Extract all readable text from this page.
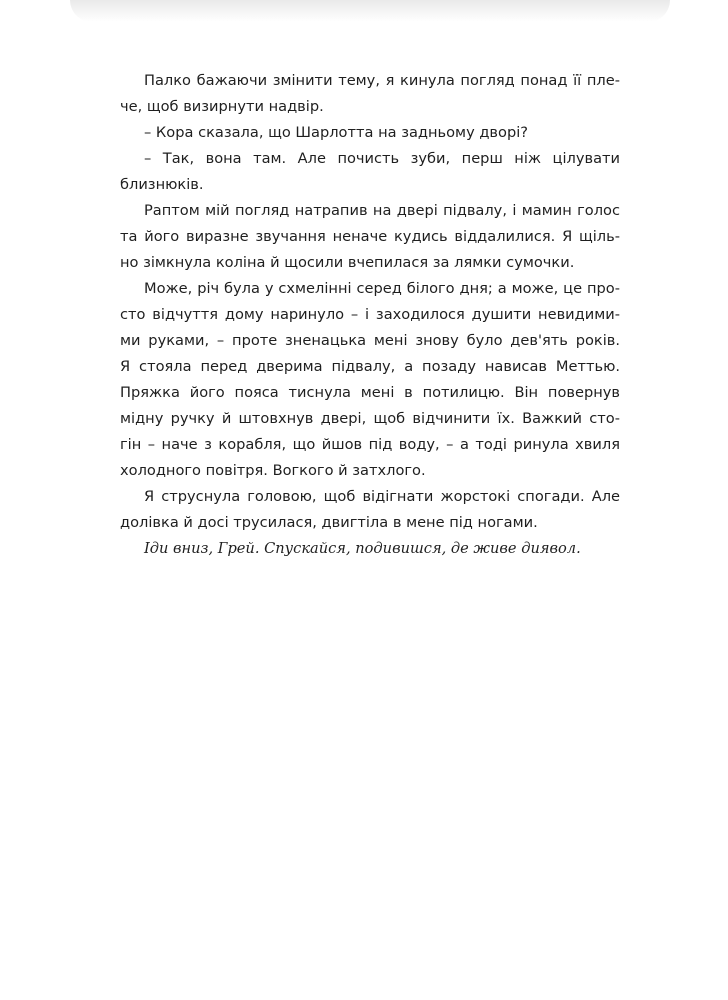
Палко бажаючи змінити тему, я кинула погляд понад її пле-
че, щоб визирнути надвір.
– Кора сказала, що Шарлотта на задньому дворі?
– Так, вона там. Але почисть зуби, перш ніж цілувати
близнюків.
Раптом мій погляд натрапив на двері підвалу, і мамин голос
та його виразне звучання неначе кудись віддалилися. Я щіль-
но зімкнула коліна й щосили вчепилася за лямки сумочки.
Може, річ була у схмелінні серед білого дня; а може, це про-
сто відчуття дому наринуло – і заходилося душити невидими-
ми руками, – проте зненацька мені знову було дев'ять років.
Я стояла перед дверима підвалу, а позаду нависав Меттью.
Пряжка його пояса тиснула мені в потилицю. Він повернув
мідну ручку й штовхнув двері, щоб відчинити їх. Важкий сто-
гін – наче з корабля, що йшов під воду, – а тоді ринула хвиля
холодного повітря. Вогкого й затхлого.
Я струснула головою, щоб відігнати жорстокі спогади. Але
долівка й досі трусилася, двигтіла в мене під ногами.
Іди вниз, Грей. Спускайся, подивишся, де живе диявол.
